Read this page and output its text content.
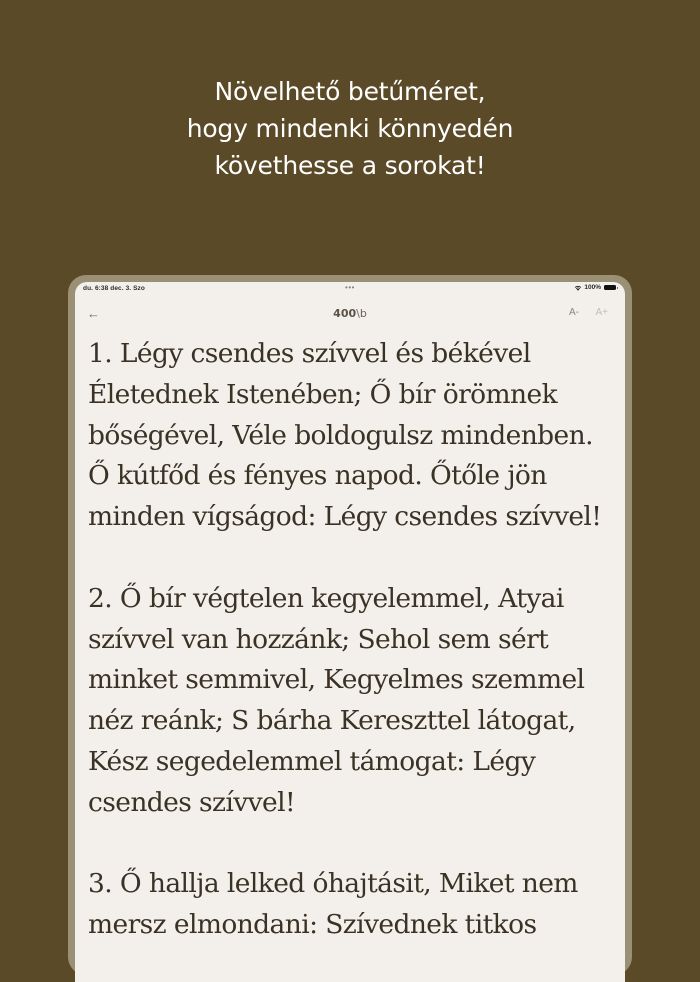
Növelhető betűméret,
hogy mindenki könnyedén
követhesse a sorokat!
du. 6:38 dec. 3. Szo	•••	100%
←	400\b	A- A+
1. Légy csendes szívvel és békével
Életednek Istenében; Ő bír örömnek
bőségével, Véle boldogulsz mindenben.
Ő kútfőd és fényes napod. Őtőle jön
minden vígságod: Légy csendes szívvel!
2. Ő bír végtelen kegyelemmel, Atyai
szívvel van hozzánk; Sehol sem sért
minket semmivel, Kegyelmes szemmel
néz reánk; S bárha Kereszttel látogat,
Kész segedelemmel támogat: Légy
csendes szívvel!
3. Ő hallja lelked óhajtásit, Miket nem
mersz elmondani: Szívednek titkos
